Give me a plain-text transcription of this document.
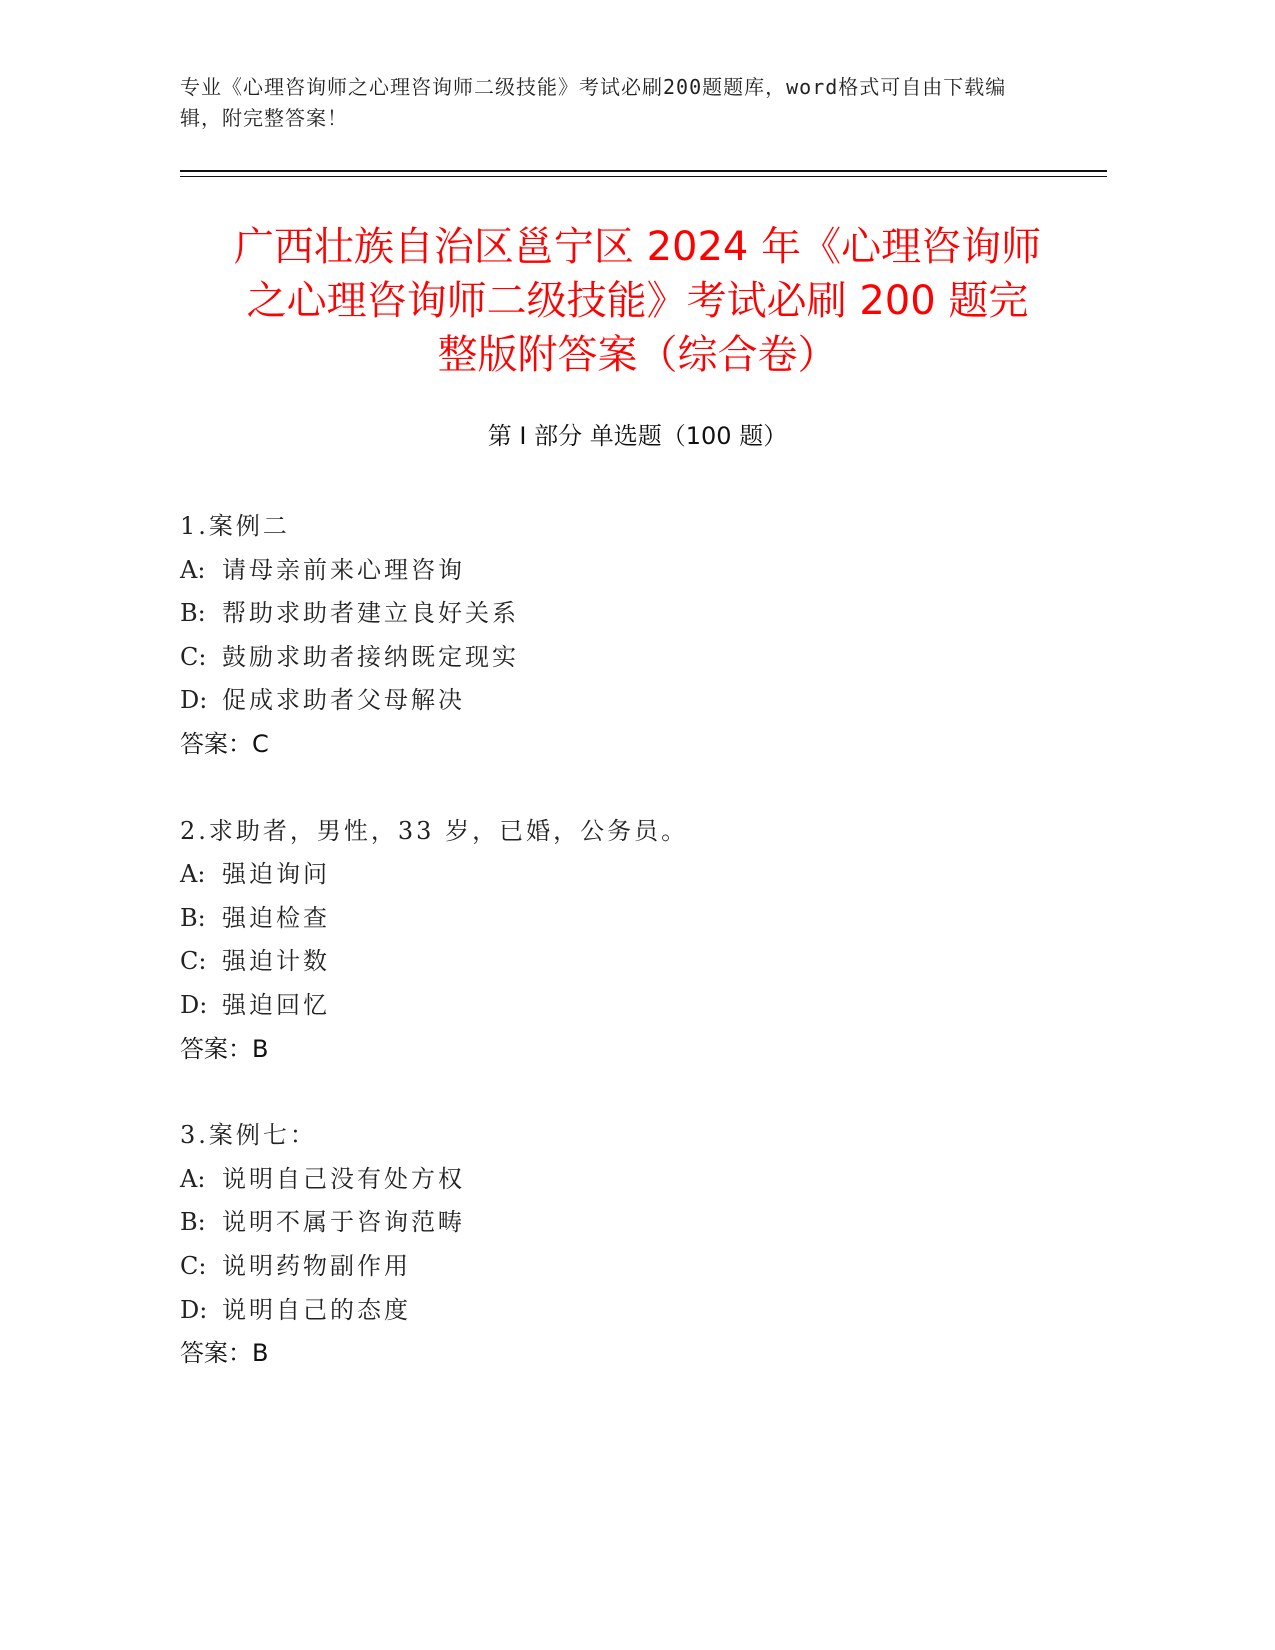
专业《心理咨询师之心理咨询师二级技能》考试必刷200题题库，word格式可自由下载编辑，附完整答案！
广西壮族自治区邕宁区 2024 年《心理咨询师
之心理咨询师二级技能》考试必刷 200 题完
整版附答案（综合卷）
第 I 部分 单选题（100 题）
1.案例二
A: 请母亲前来心理咨询
B: 帮助求助者建立良好关系
C: 鼓励求助者接纳既定现实
D: 促成求助者父母解决
答案：C
2.求助者，男性，33 岁，已婚，公务员。
A: 强迫询问
B: 强迫检查
C: 强迫计数
D: 强迫回忆
答案：B
3.案例七：
A: 说明自己没有处方权
B: 说明不属于咨询范畴
C: 说明药物副作用
D: 说明自己的态度
答案：B
